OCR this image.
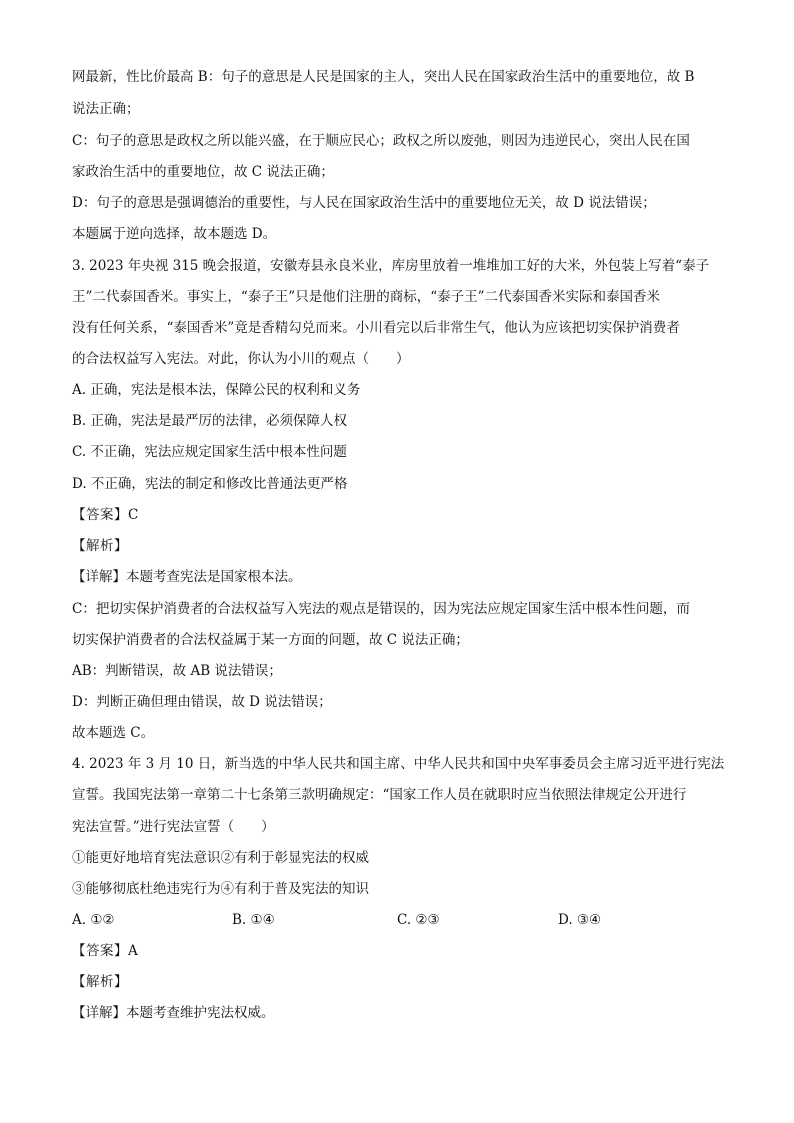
网最新，性比价最高 B：句子的意思是人民是国家的主人，突出人民在国家政治生活中的重要地位，故 B
说法正确；
C：句子的意思是政权之所以能兴盛，在于顺应民心；政权之所以废弛，则因为违逆民心，突出人民在国
家政治生活中的重要地位，故 C 说法正确；
D：句子的意思是强调德治的重要性，与人民在国家政治生活中的重要地位无关，故 D 说法错误；
本题属于逆向选择，故本题选 D。
3. 2023 年央视 315 晚会报道，安徽寿县永良米业，库房里放着一堆堆加工好的大米，外包装上写着“泰子
王”二代泰国香米。事实上，“泰子王”只是他们注册的商标，“泰子王”二代泰国香米实际和泰国香米
没有任何关系，“泰国香米”竟是香精勾兑而来。小川看完以后非常生气，他认为应该把切实保护消费者
的合法权益写入宪法。对此，你认为小川的观点（　　）
A. 正确，宪法是根本法，保障公民的权利和义务
B. 正确，宪法是最严厉的法律，必须保障人权
C. 不正确，宪法应规定国家生活中根本性问题
D. 不正确，宪法的制定和修改比普通法更严格
【答案】C
【解析】
【详解】本题考查宪法是国家根本法。
C：把切实保护消费者的合法权益写入宪法的观点是错误的，因为宪法应规定国家生活中根本性问题，而
切实保护消费者的合法权益属于某一方面的问题，故 C 说法正确；
AB：判断错误，故 AB 说法错误；
D：判断正确但理由错误，故 D 说法错误；
故本题选 C。
4. 2023 年 3 月 10 日，新当选的中华人民共和国主席、中华人民共和国中央军事委员会主席习近平进行宪法
宣誓。我国宪法第一章第二十七条第三款明确规定：“国家工作人员在就职时应当依照法律规定公开进行
宪法宣誓。”进行宪法宣誓（　　）
①能更好地培育宪法意识②有利于彰显宪法的权威
③能够彻底杜绝违宪行为④有利于普及宪法的知识
A. ①②	B. ①④	C. ②③	D. ③④
【答案】A
【解析】
【详解】本题考查维护宪法权威。
